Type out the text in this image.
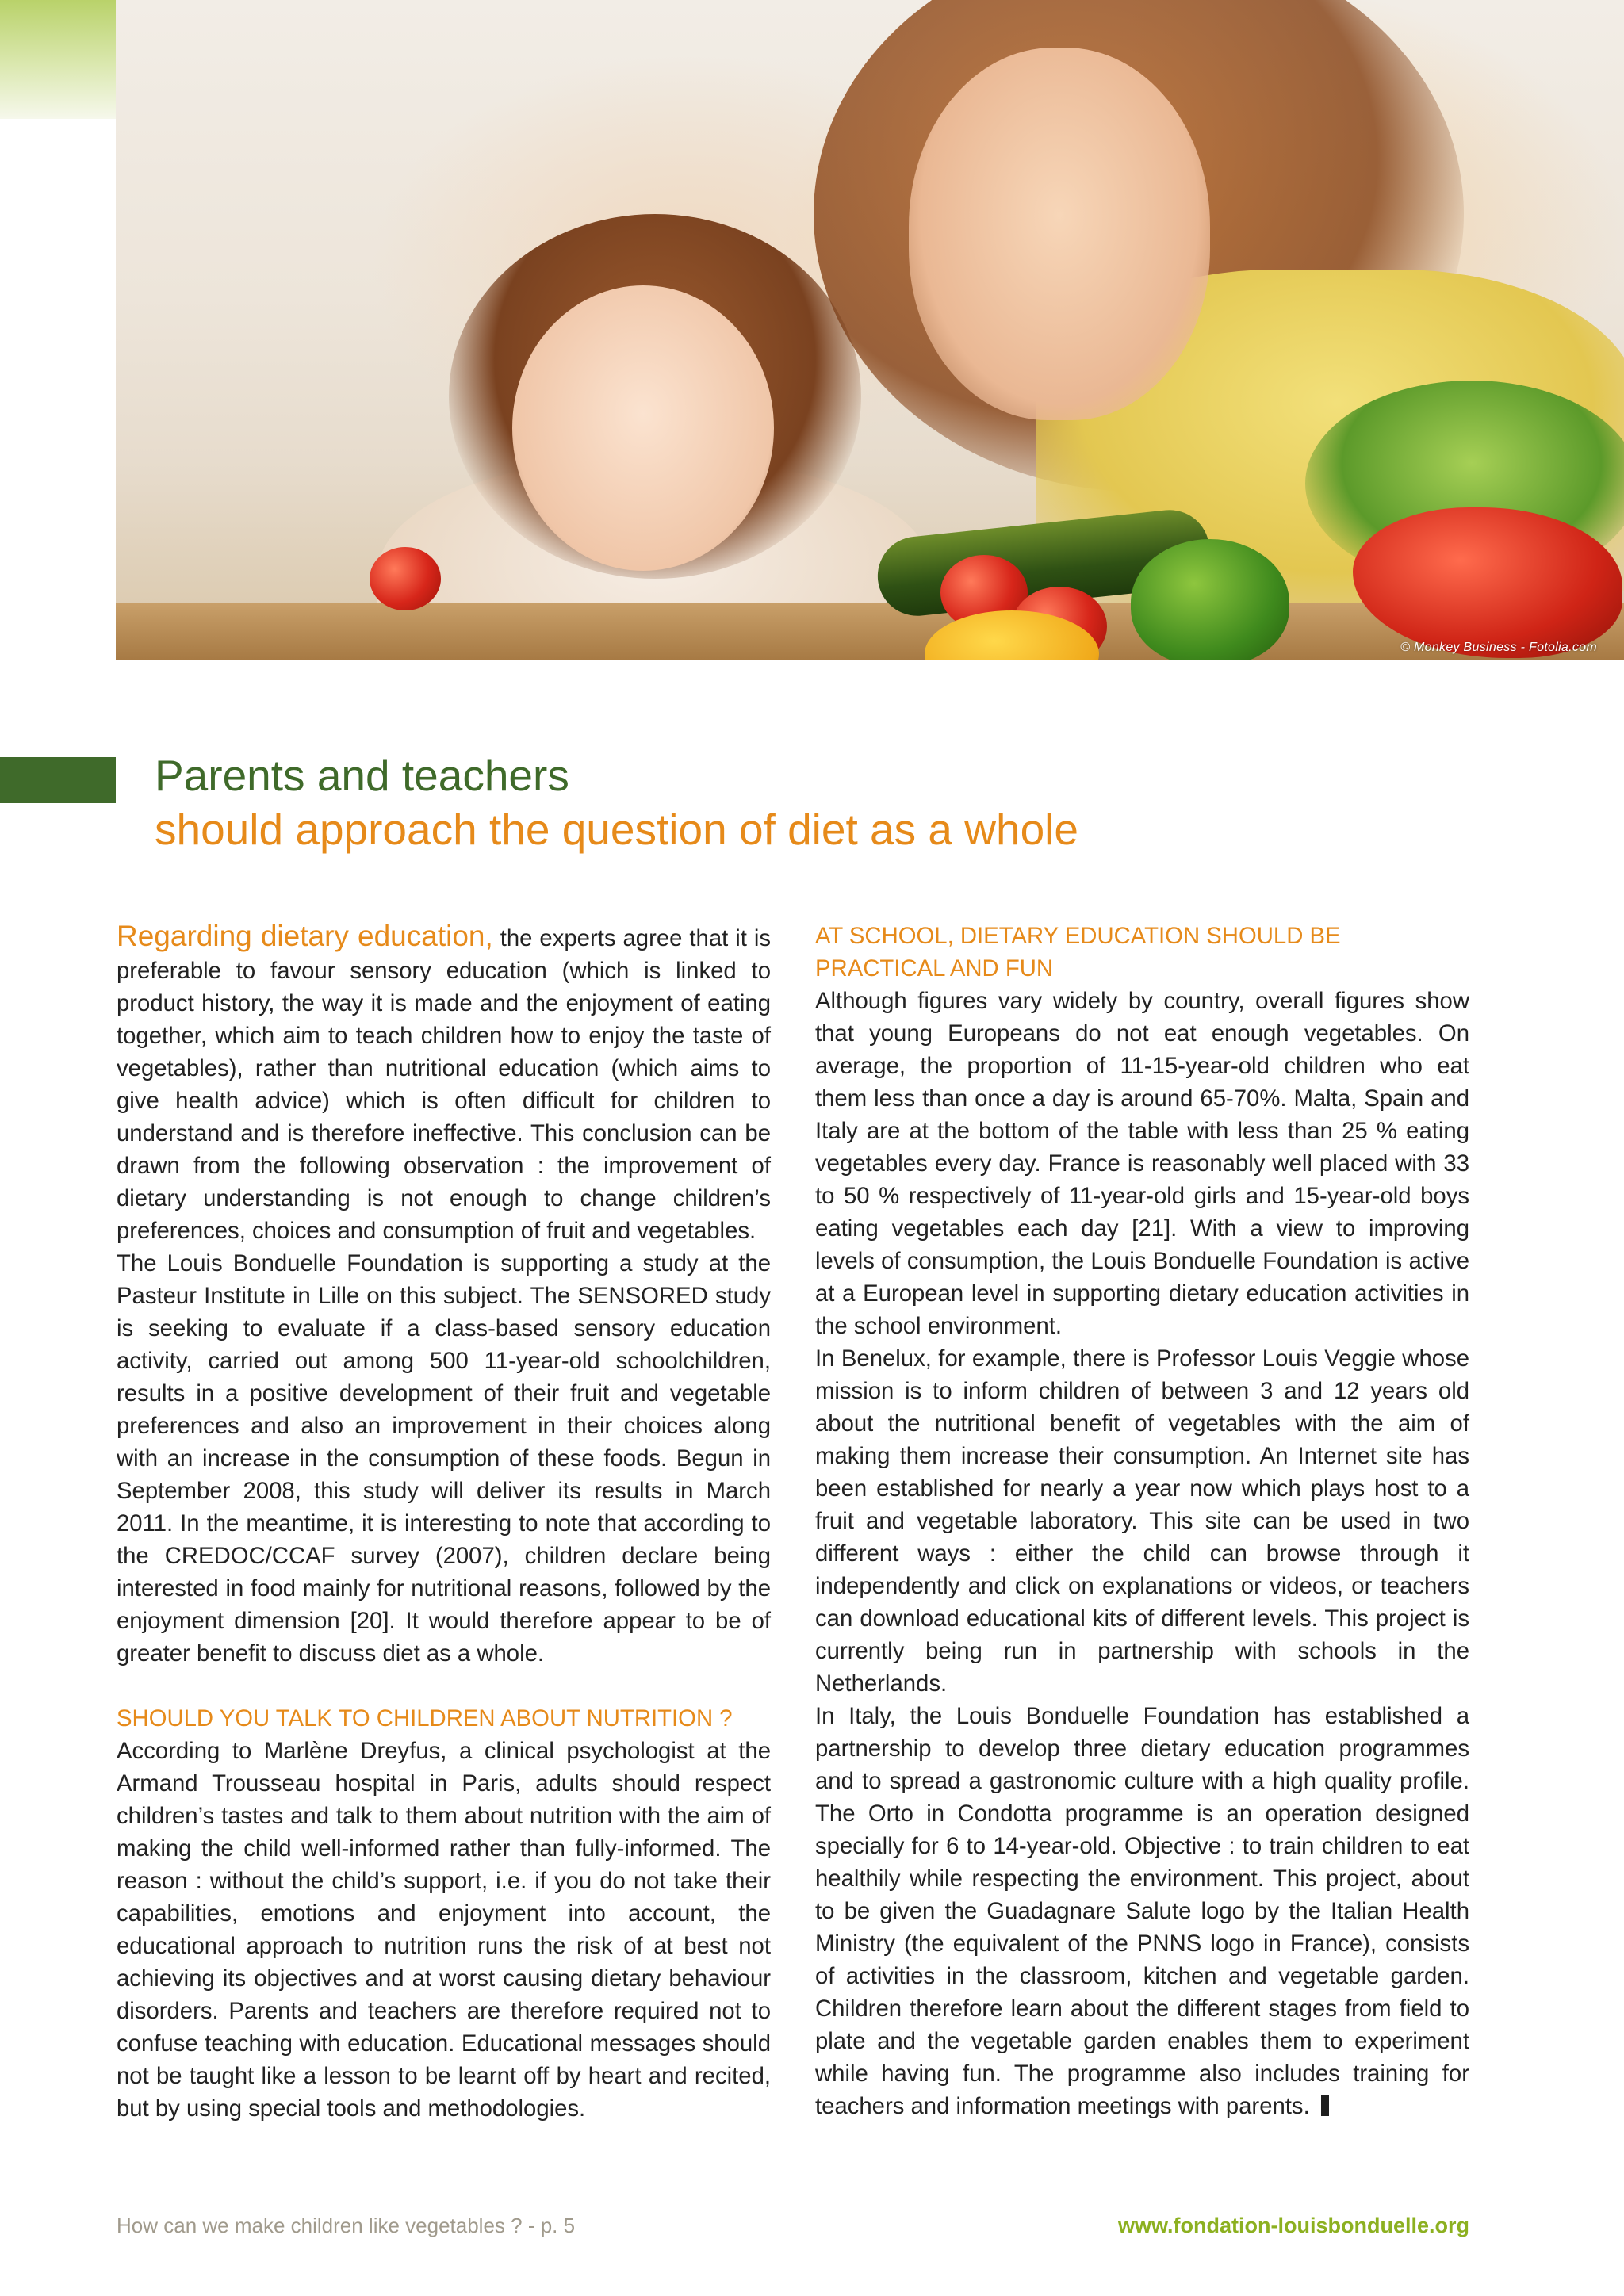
© Monkey Business - Fotolia.com
Parents and teachers
should approach the question of diet as a whole

Regarding dietary education, the experts agree that it is preferable to favour sensory education (which is linked to product history, the way it is made and the enjoyment of eating together, which aim to teach children how to enjoy the taste of vegetables), rather than nutritional education (which aims to give health advice) which is often difficult for children to understand and is therefore ineffective. This conclusion can be drawn from the following observation : the improvement of dietary understanding is not enough to change children’s preferences, choices and consumption of fruit and vegetables.

The Louis Bonduelle Foundation is supporting a study at the Pasteur Institute in Lille on this subject. The SENSORED study is seeking to evaluate if a class-based sensory education activity, carried out among 500 11-year-old schoolchildren, results in a positive development of their fruit and vegetable preferences and also an improvement in their choices along with an increase in the consumption of these foods. Begun in September 2008, this study will deliver its results in March 2011. In the meantime, it is interesting to note that according to the CREDOC/CCAF survey (2007), children declare being interested in food mainly for nutritional reasons, followed by the enjoyment dimension [20]. It would therefore appear to be of greater benefit to discuss diet as a whole.

SHOULD YOU TALK TO CHILDREN ABOUT NUTRITION ?

According to Marlène Dreyfus, a clinical psychologist at the Armand Trousseau hospital in Paris, adults should respect children’s tastes and talk to them about nutrition with the aim of making the child well-informed rather than fully-informed. The reason : without the child’s support, i.e. if you do not take their capabilities, emotions and enjoyment into account, the educational approach to nutrition runs the risk of at best not achieving its objectives and at worst causing dietary behaviour disorders. Parents and teachers are therefore required not to confuse teaching with education. Educational messages should not be taught like a lesson to be learnt off by heart and recited, but by using special tools and methodologies.

AT SCHOOL, DIETARY EDUCATION SHOULD BE PRACTICAL AND FUN

Although figures vary widely by country, overall figures show that young Europeans do not eat enough vegetables. On average, the proportion of 11-15-year-old children who eat them less than once a day is around 65-70%. Malta, Spain and Italy are at the bottom of the table with less than 25 % eating vegetables every day. France is reasonably well placed with 33 to 50 % respectively of 11-year-old girls and 15-year-old boys eating vegetables each day [21]. With a view to improving levels of consumption, the Louis Bonduelle Foundation is active at a European level in supporting dietary education activities in the school environment.

In Benelux, for example, there is Professor Louis Veggie whose mission is to inform children of between 3 and 12 years old about the nutritional benefit of vegetables with the aim of making them increase their consumption. An Internet site has been established for nearly a year now which plays host to a fruit and vegetable laboratory. This site can be used in two different ways : either the child can browse through it independently and click on explanations or videos, or teachers can download educational kits of different levels. This project is currently being run in partnership with schools in the Netherlands.

In Italy, the Louis Bonduelle Foundation has established a partnership to develop three dietary education programmes and to spread a gastronomic culture with a high quality profile. The Orto in Condotta programme is an operation designed specially for 6 to 14-year-old. Objective : to train children to eat healthily while respecting the environment. This project, about to be given the Guadagnare Salute logo by the Italian Health Ministry (the equivalent of the PNNS logo in France), consists of activities in the classroom, kitchen and vegetable garden. Children therefore learn about the different stages from field to plate and the vegetable garden enables them to experiment while having fun. The programme also includes training for teachers and information meetings with parents.

How can we make children like vegetables ? - p. 5	www.fondation-louisbonduelle.org
